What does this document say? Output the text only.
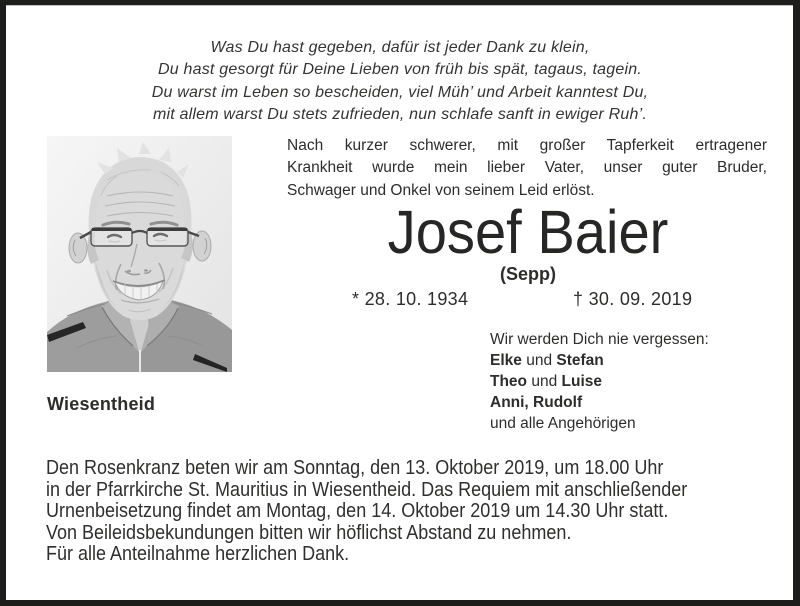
Was Du hast gegeben, dafür ist jeder Dank zu klein,
Du hast gesorgt für Deine Lieben von früh bis spät, tagaus, tagein.
Du warst im Leben so bescheiden, viel Müh’ und Arbeit kanntest Du,
mit allem warst Du stets zufrieden, nun schlafe sanft in ewiger Ruh’.
Wiesentheid
Nach kurzer schwerer, mit großer Tapferkeit ertragener
Krankheit wurde mein lieber Vater, unser guter Bruder,
Schwager und Onkel von seinem Leid erlöst.
Josef Baier
(Sepp)
* 28. 10. 1934	† 30. 09. 2019
Wir werden Dich nie vergessen:
Elke und Stefan
Theo und Luise
Anni, Rudolf
und alle Angehörigen
Den Rosenkranz beten wir am Sonntag, den 13. Oktober 2019, um 18.00 Uhr
in der Pfarrkirche St. Mauritius in Wiesentheid. Das Requiem mit anschließender
Urnenbeisetzung findet am Montag, den 14. Oktober 2019 um 14.30 Uhr statt.
Von Beileidsbekundungen bitten wir höflichst Abstand zu nehmen.
Für alle Anteilnahme herzlichen Dank.
